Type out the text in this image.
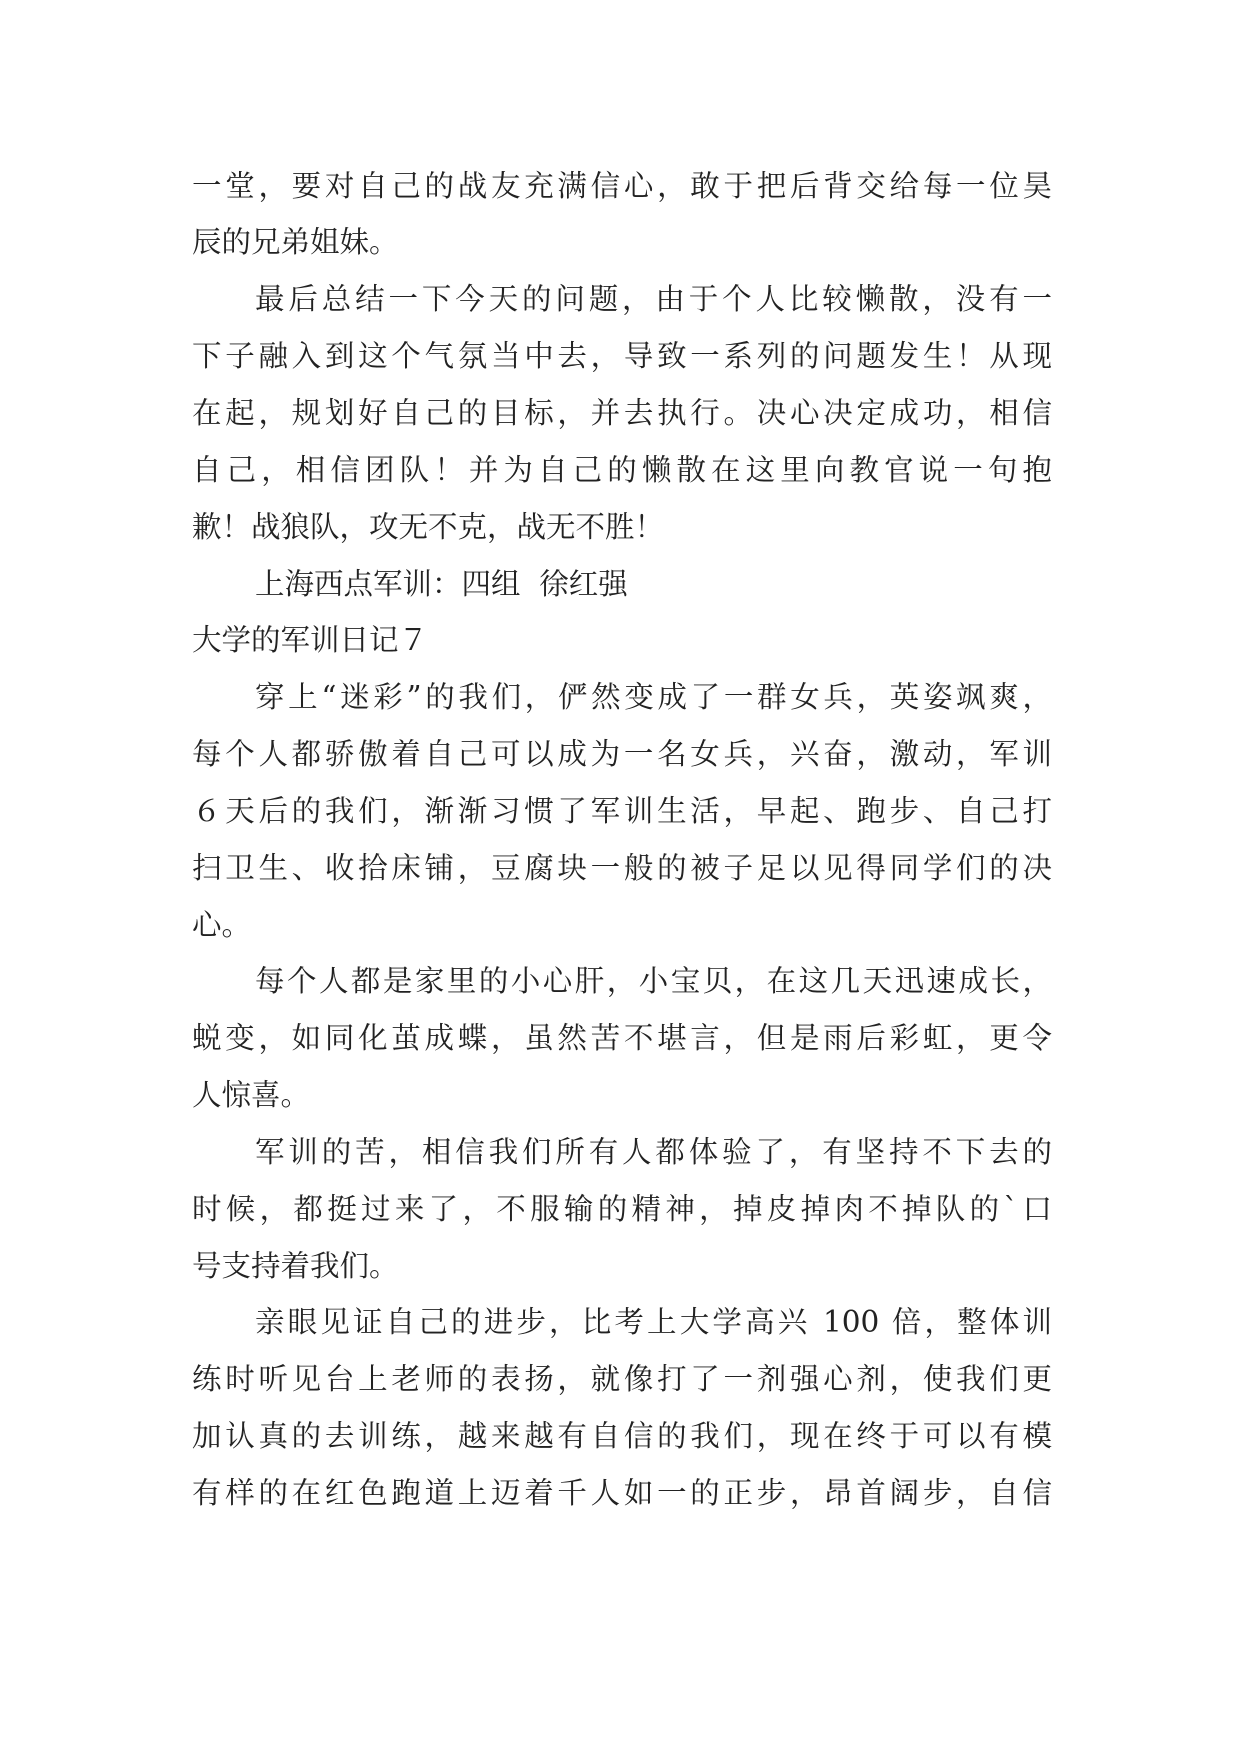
一堂，要对自己的战友充满信心，敢于把后背交给每一位昊
辰的兄弟姐妹。
最后总结一下今天的问题，由于个人比较懒散，没有一
下子融入到这个气氛当中去，导致一系列的问题发生！从现
在起，规划好自己的目标，并去执行。决心决定成功，相信
自己，相信团队！并为自己的懒散在这里向教官说一句抱
歉！战狼队，攻无不克，战无不胜！
上海西点军训：四组  徐红强
大学的军训日记７
穿上“迷彩”的我们，俨然变成了一群女兵，英姿飒爽，
每个人都骄傲着自己可以成为一名女兵，兴奋，激动，军训
６天后的我们，渐渐习惯了军训生活，早起、跑步、自己打
扫卫生、收拾床铺，豆腐块一般的被子足以见得同学们的决
心。
每个人都是家里的小心肝，小宝贝，在这几天迅速成长，
蜕变，如同化茧成蝶，虽然苦不堪言，但是雨后彩虹，更令
人惊喜。
军训的苦，相信我们所有人都体验了，有坚持不下去的
时候，都挺过来了，不服输的精神，掉皮掉肉不掉队的`口
号支持着我们。
亲眼见证自己的进步，比考上大学高兴 100 倍，整体训
练时听见台上老师的表扬，就像打了一剂强心剂，使我们更
加认真的去训练，越来越有自信的我们，现在终于可以有模
有样的在红色跑道上迈着千人如一的正步，昂首阔步，自信
